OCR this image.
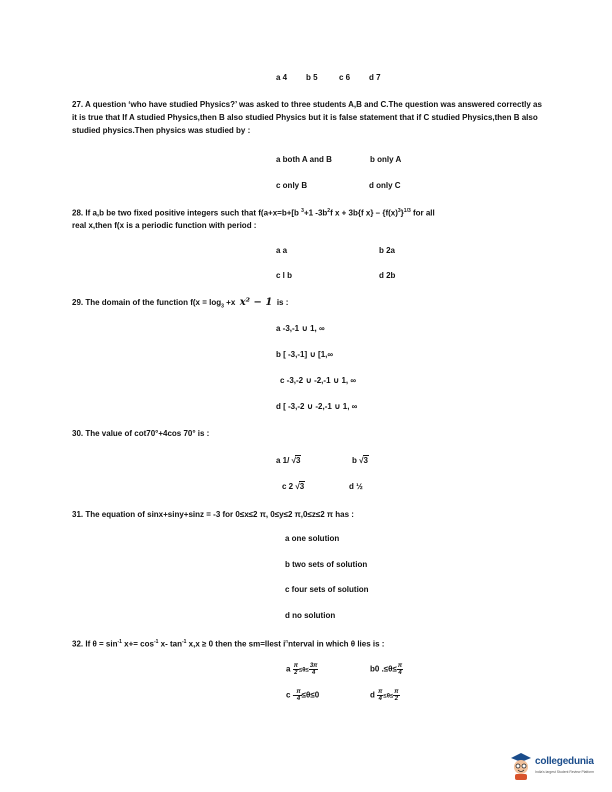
a 4 b 5	c 6 d 7
27. A question ‘who have studied Physics?’ was asked to three students A,B and C.The question was answered correctly as it is true that If A studied Physics,then B also studied Physics but it is false statement that if C studied Physics,then B also studied physics.Then physics was studied by :
a both A and B	b only A
c only B	d only C
28. If a,b be two fixed positive integers such that f(a+x=b+[b $^3$+1 $-3b^2f$ x + 3b{f $x\} - \{f(x)^3\}^{1/3}$ for all
real x,then f(x is a periodic function with period :
a a	b 2a
c l b	d 2b
29. The domain of the function $f(x = \log_3 +x$ x² − 1 is :
a -3,-1 ∪ 1, ∞
b [ -3,-1] ∪ [1,∞
c -3,-2 ∪ -2,-1 ∪ 1, ∞
d [ -3,-2 ∪ -2,-1 ∪ 1, ∞
30. The value of cot70°+4cos 70° is :
a 1/ √3	b √3
c 2 √3	d ½
31. The equation of sinx+siny+sinz = -3 for 0≤x≤2 π, 0≤y≤2 π,0≤z≤2 π has :
a one solution
b two sets of solution
c four sets of solution
d no solution
32. If $\theta = \sin^{-1} x+= \cos^{-1} x-$ $\tan^{-1} x,x \ge 0$ then the sm=llest $i^nnterval$ in which θ lies is :
a $\frac{\pi}{2} \le\theta\le \frac{3\pi}{4}$	b0 $.\le\theta\le \frac{\pi}{4}$
$c - \frac{\pi}{4} \le\theta\le 0$	d $\frac{\pi}{4} \le\theta\le \frac{\pi}{2}$
collegedunia
India's largest Student Review Platform
